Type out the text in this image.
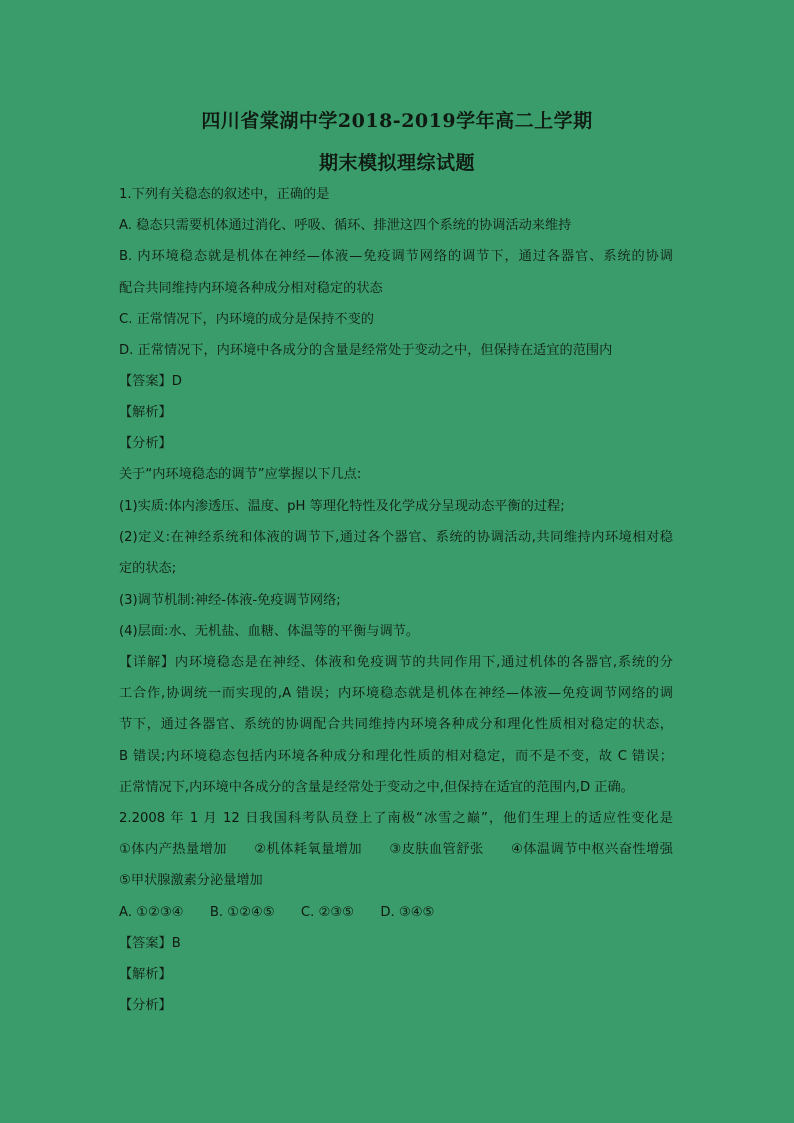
四川省棠湖中学2018-2019学年高二上学期
期末模拟理综试题
1.下列有关稳态的叙述中，正确的是
A. 稳态只需要机体通过消化、呼吸、循环、排泄这四个系统的协调活动来维持
B. 内环境稳态就是机体在神经—体液—免疫调节网络的调节下，通过各器官、系统的协调
配合共同维持内环境各种成分相对稳定的状态
C. 正常情况下，内环境的成分是保持不变的
D. 正常情况下，内环境中各成分的含量是经常处于变动之中，但保持在适宜的范围内
【答案】D
【解析】
【分析】
关于“内环境稳态的调节”应掌握以下几点:
(1)实质:体内渗透压、温度、pH 等理化特性及化学成分呈现动态平衡的过程;
(2)定义:在神经系统和体液的调节下,通过各个器官、系统的协调活动,共同维持内环境相对稳
定的状态;
(3)调节机制:神经-体液-免疫调节网络;
(4)层面:水、无机盐、血糖、体温等的平衡与调节。
【详解】内环境稳态是在神经、体液和免疫调节的共同作用下,通过机体的各器官,系统的分
工合作,协调统一而实现的,A 错误；内环境稳态就是机体在神经—体液—免疫调节网络的调
节下，通过各器官、系统的协调配合共同维持内环境各种成分和理化性质相对稳定的状态，
B 错误;内环境稳态包括内环境各种成分和理化性质的相对稳定，而不是不变，故 C 错误；
正常情况下,内环境中各成分的含量是经常处于变动之中,但保持在适宜的范围内,D 正确。
2.2008 年 1 月 12 日我国科考队员登上了南极“冰雪之巅”，他们生理上的适应性变化是
①体内产热量增加　　②机体耗氧量增加　　③皮肤血管舒张　　④体温调节中枢兴奋性增强
⑤甲状腺激素分泌量增加
A. ①②③④　　B. ①②④⑤　　C. ②③⑤　　D. ③④⑤
【答案】B
【解析】
【分析】
